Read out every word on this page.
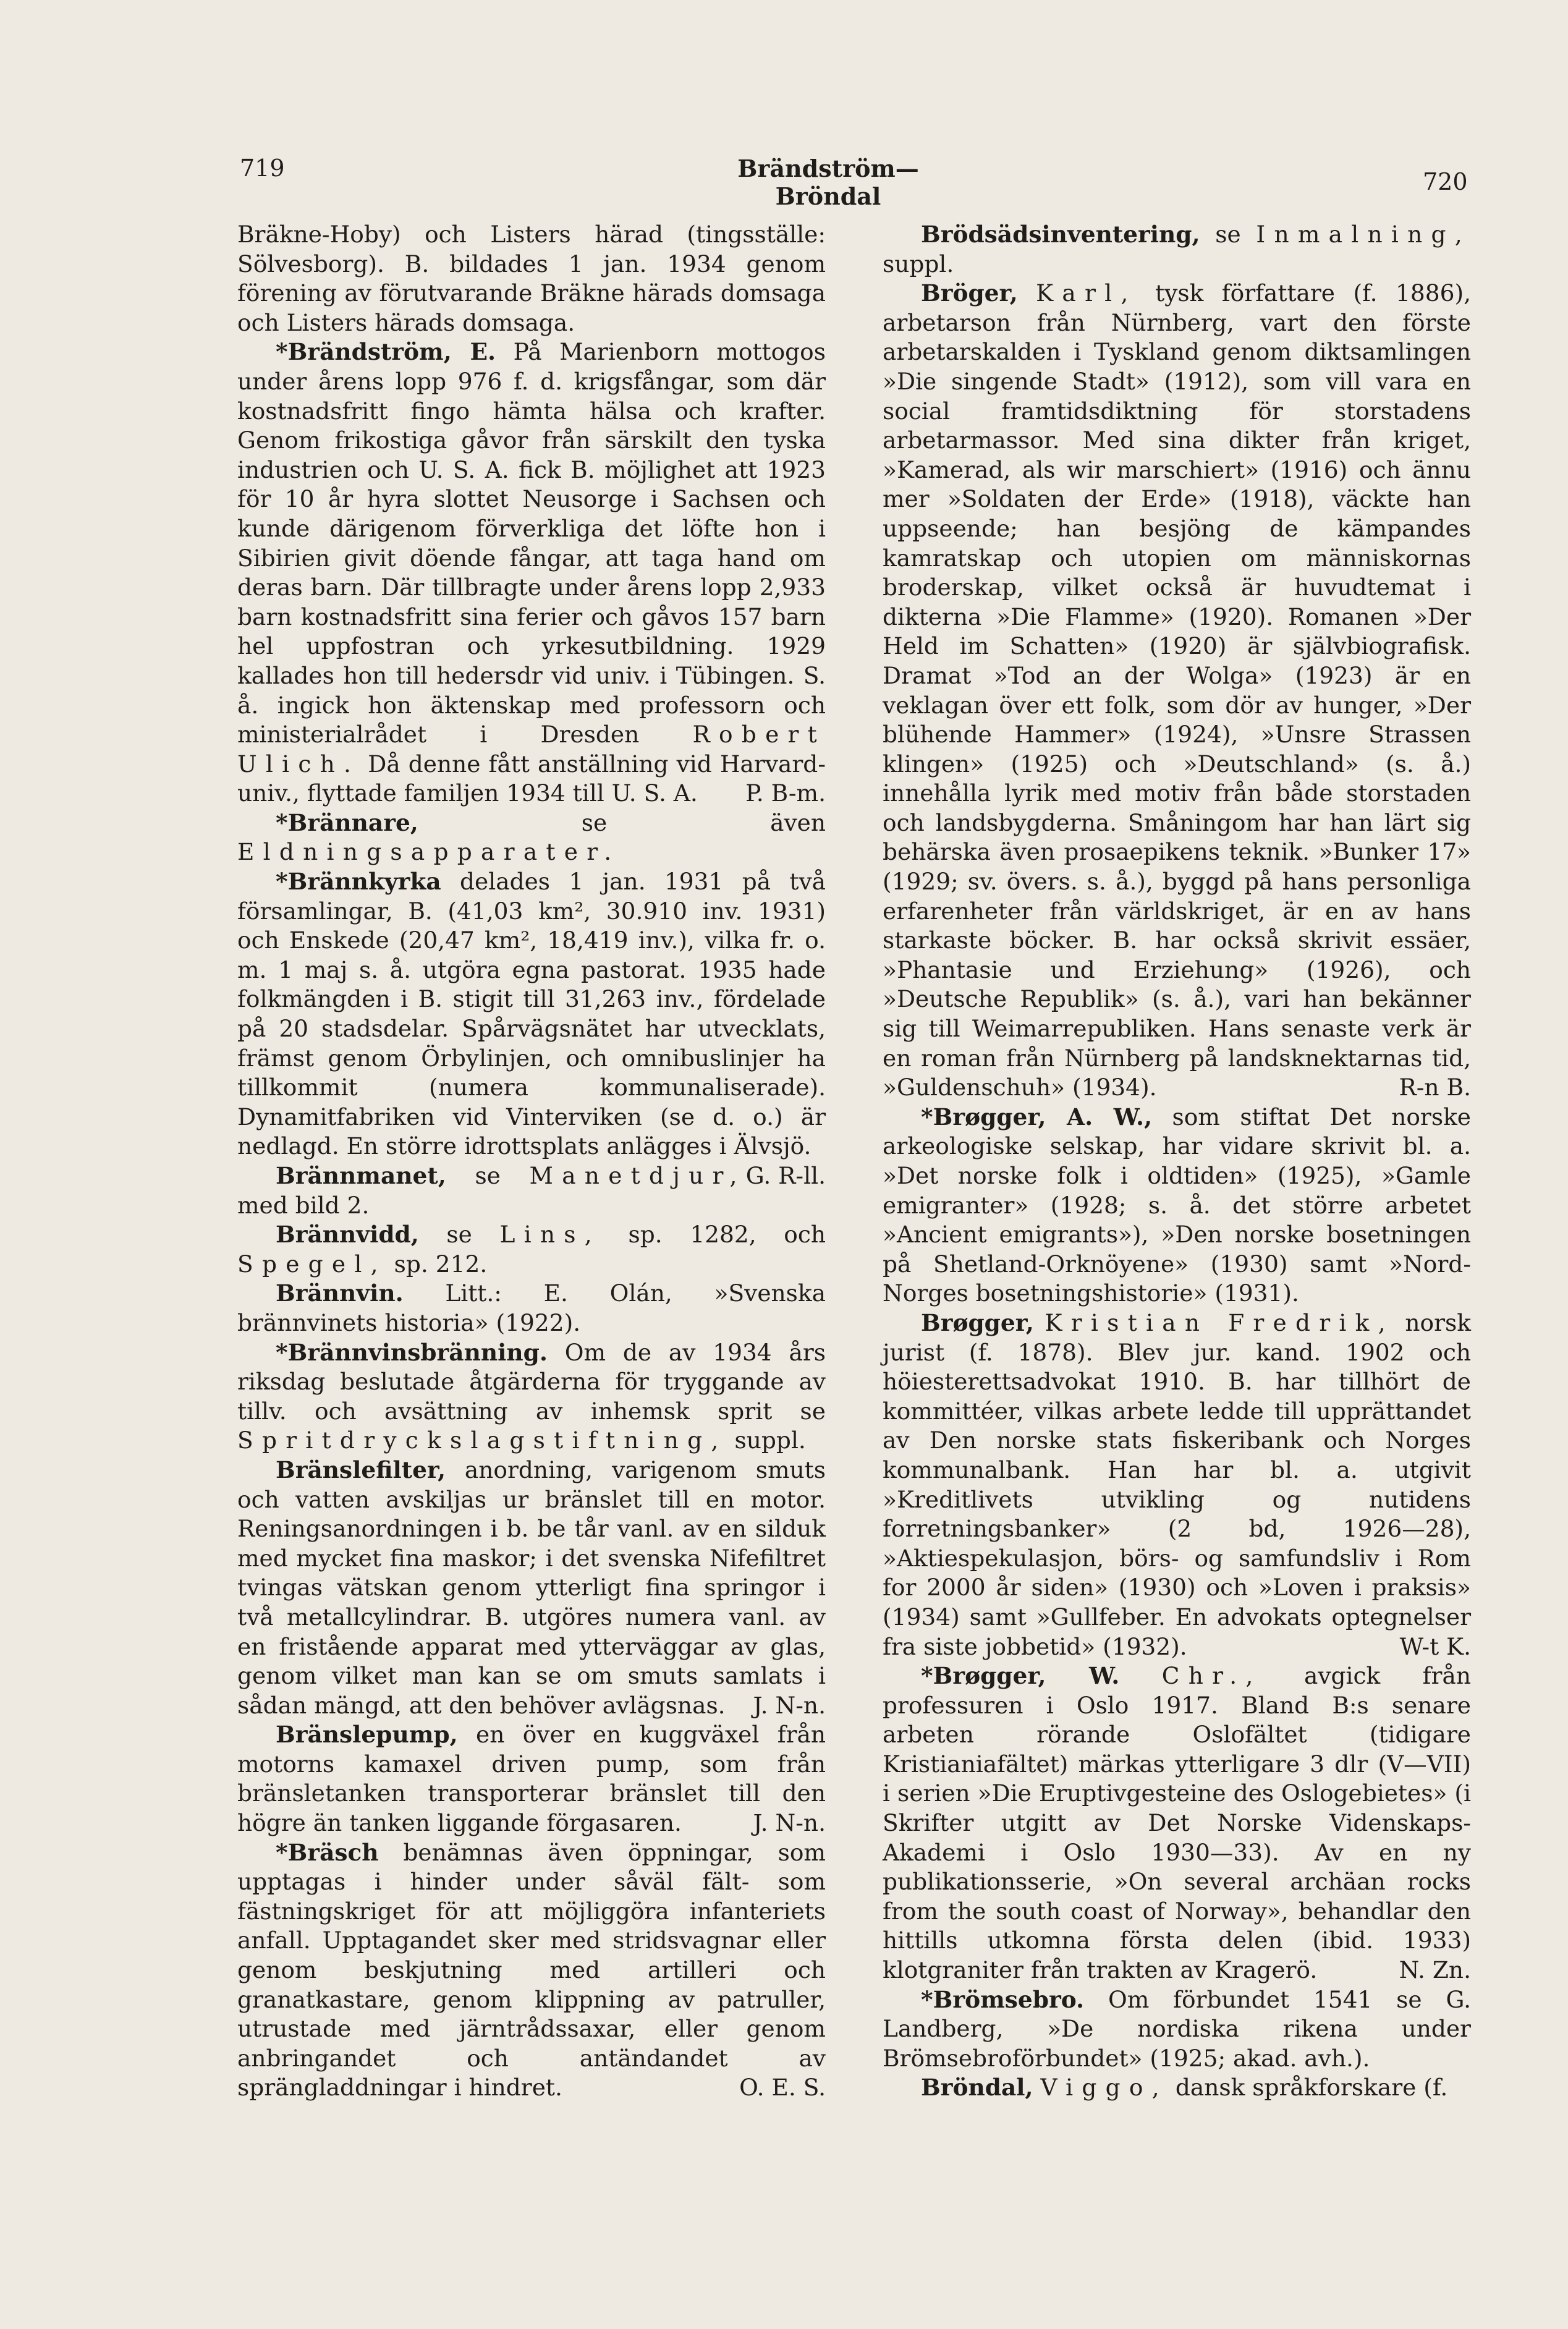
719	Brändström—Bröndal
720

Bräkne-Hoby) och Listers härad (tingsställe: Sölvesborg). B. bildades 1 jan. 1934 genom förening av förutvarande Bräkne härads domsaga och Listers härads domsaga.

*Brändström, E. På Marienborn mottogos under årens lopp 976 f. d. krigsfångar, som där kostnadsfritt fingo hämta hälsa och krafter. Genom frikostiga gåvor från särskilt den tyska industrien och U. S. A. fick B. möjlighet att 1923 för 10 år hyra slottet Neusorge i Sachsen och kunde därigenom förverkliga det löfte hon i Sibirien givit döende fångar, att taga hand om deras barn. Där tillbragte under årens lopp 2,933 barn kostnadsfritt sina ferier och gåvos 157 barn hel uppfostran och yrkesutbildning. 1929 kallades hon till hedersdr vid univ. i Tübingen. S. å. ingick hon äktenskap med professorn och ministerialrådet i Dresden Robert Ulich. Då denne fått anställning vid Harvard-univ., flyttade familjen 1934 till U. S. A. P. B-m.

*Brännare,	se även Eldningsapparater.

*Brännkyrka delades 1 jan. 1931 på två församlingar, B. (41,03 km², 30.910 inv. 1931) och Enskede (20,47 km², 18,419 inv.), vilka fr. o. m. 1 maj s. å. utgöra egna pastorat. 1935 hade folkmängden i B. stigit till 31,263 inv., fördelade på 20 stadsdelar. Spårvägsnätet har utvecklats, främst genom Örbylinjen, och omnibuslinjer ha tillkommit (numera kommunaliserade). Dynamitfabriken vid Vinterviken (se d. o.) är nedlagd. En större idrottsplats anlägges i Älvsjö.
G. R-ll.

Brännmanet, se Manetdjur, med bild 2.

Brännvidd, se Lins, sp. 1282, och Spegel, sp. 212.

Brännvin. Litt.: E. Olán, »Svenska brännvinets historia» (1922).

*Brännvinsbränning. Om de av 1934 års riksdag beslutade åtgärderna för tryggande av tillv. och avsättning av inhemsk sprit se Spritdryckslagstiftning, suppl.

Bränslefilter, anordning, varigenom smuts och vatten avskiljas ur bränslet till en motor. Reningsanordningen i b. be tår vanl. av en silduk med mycket fina maskor; i det svenska Nifefiltret tvingas vätskan genom ytterligt fina springor i två metallcylindrar. B. utgöres numera vanl. av en fristående apparat med ytterväggar av glas, genom vilket man kan se om smuts samlats i sådan mängd, att den behöver avlägsnas. J. N-n.

Bränslepump, en över en kuggväxel från motorns kamaxel driven pump, som från bränsletanken transporterar bränslet till den högre än tanken liggande förgasaren.	J. N-n.

*Bräsch benämnas även öppningar, som upptagas i hinder under såväl fält- som fästningskriget för att möjliggöra infanteriets anfall. Upptagandet sker med stridsvagnar eller genom beskjutning med artilleri och granatkastare, genom klippning av patruller, utrustade med järntrådssaxar, eller genom anbringandet och antändandet av sprängladdningar i hindret.	O. E. S.

Brödsädsinventering, se Inmalning, suppl.

Bröger, Karl, tysk författare (f. 1886), arbetarson från Nürnberg, vart den förste arbetarskalden i Tyskland genom diktsamlingen »Die singende Stadt» (1912), som vill vara en social framtidsdiktning för storstadens arbetarmassor. Med sina dikter från kriget, »Kamerad, als wir marschiert» (1916) och ännu mer »Soldaten der Erde» (1918), väckte han uppseende; han besjöng de kämpandes kamratskap och utopien om människornas broderskap, vilket också är huvudtemat i dikterna »Die Flamme» (1920). Romanen »Der Held im Schatten» (1920) är självbiografisk. Dramat »Tod an der Wolga» (1923) är en veklagan över ett folk, som dör av hunger, »Der blühende Hammer» (1924), »Unsre Strassen klingen» (1925) och »Deutschland» (s. å.) innehålla lyrik med motiv från både storstaden och landsbygderna. Småningom har han lärt sig behärska även prosaepikens teknik. »Bunker 17» (1929; sv. övers. s. å.), byggd på hans personliga erfarenheter från världskriget, är en av hans starkaste böcker. B. har också skrivit essäer, »Phantasie und Erziehung» (1926), och »Deutsche Republik» (s. å.), vari han bekänner sig till Weimarrepubliken. Hans senaste verk är en roman från Nürnberg på landsknektarnas tid, »Guldenschuh» (1934).	R-n B.

*Brøgger, A. W., som stiftat Det norske arkeologiske selskap, har vidare skrivit bl. a. »Det norske folk i oldtiden» (1925), »Gamle emigranter» (1928; s. å. det större arbetet »Ancient emigrants»), »Den norske bosetningen på Shetland-Orknöyene» (1930) samt »Nord-Norges bosetningshistorie» (1931).

Brøgger, Kristian Fredrik, norsk jurist (f. 1878). Blev jur. kand. 1902 och höiesterettsadvokat 1910. B. har tillhört de kommittéer, vilkas arbete ledde till upprättandet av Den norske stats fiskeribank och Norges kommunalbank. Han har bl. a. utgivit »Kreditlivets utvikling og nutidens forretningsbanker» (2 bd, 1926—28), »Aktiespekulasjon, börs- og samfundsliv i Rom for 2000 år siden» (1930) och »Loven i praksis» (1934) samt »Gullfeber. En advokats optegnelser fra siste jobbetid» (1932).	W-t K.

*Brøgger, W. Chr., avgick från professuren i Oslo 1917. Bland B:s senare arbeten rörande Oslofältet (tidigare Kristianiafältet) märkas ytterligare 3 dlr (V—VII) i serien »Die Eruptivgesteine des Oslogebietes» (i Skrifter utgitt av Det Norske Videnskaps-Akademi i Oslo 1930—33). Av en ny publikationsserie, »On several archäan rocks from the south coast of Norway», behandlar den hittills utkomna första delen (ibid. 1933) klotgraniter från trakten av Kragerö.	N. Zn.

*Brömsebro. Om förbundet 1541 se G. Landberg, »De nordiska rikena under Brömsebroförbundet» (1925; akad. avh.).

Bröndal, Viggo, dansk språkforskare (f.
